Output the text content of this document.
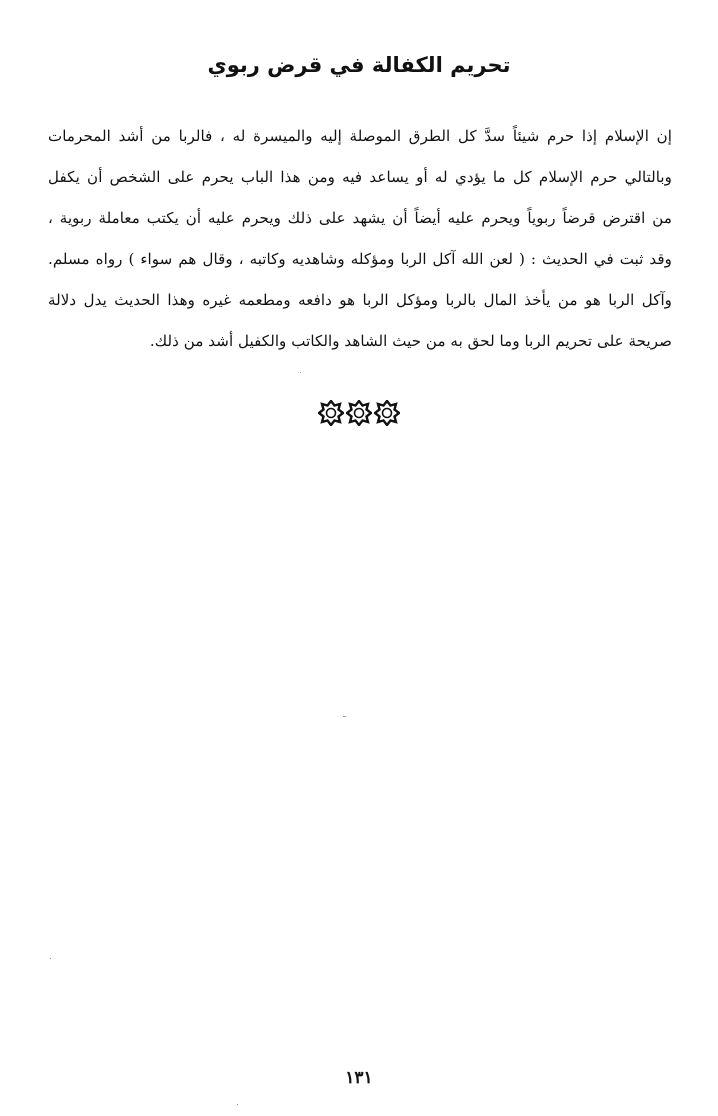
تحريم الكفالة في قرض ربوي
إن الإسلام إذا حرم شيئاً سدَّ كل الطرق الموصلة إليه والميسرة له ، فالربا من أشد المحرمات
وبالتالي حرم الإسلام كل ما يؤدي له أو يساعد فيه ومن هذا الباب يحرم على الشخص أن يكفل
من اقترض قرضاً ربوياً ويحرم عليه أيضاً أن يشهد على ذلك ويحرم عليه أن يكتب معاملة ربوية ،
وقد ثبت في الحديث : ( لعن الله آكل الربا ومؤكله وشاهديه وكاتبه ، وقال هم سواء ) رواه مسلم.
وآكل الربا هو من يأخذ المال بالربا ومؤكل الربا هو دافعه ومطعمه غيره وهذا الحديث يدل دلالة
صريحة على تحريم الربا وما لحق به من حيث الشاهد والكاتب والكفيل أشد من ذلك.
١٣١
